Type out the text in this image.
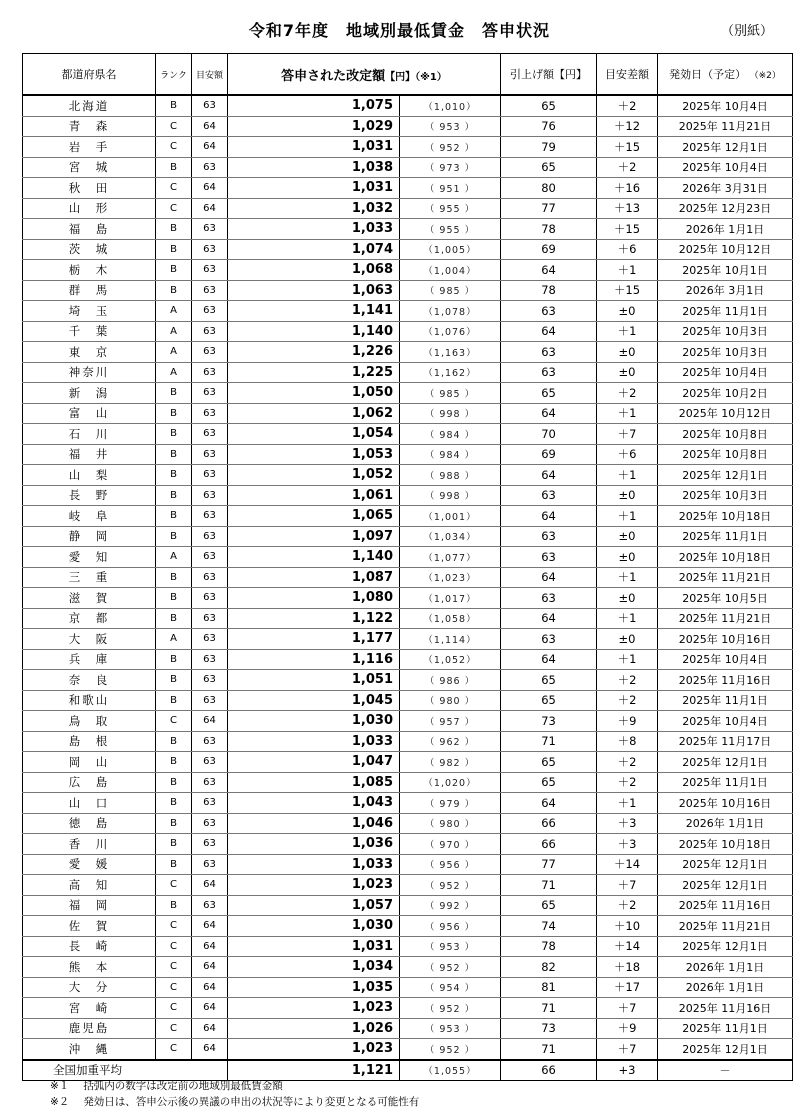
令和7年度　地域別最低賃金　答申状況	（別紙）
都道府県名	ランク	目安額	答申された改定額【円】（※1）		引上げ額【円】	目安差額	発効日（予定） （※2）
北海道	B	63	1,075	（1,010）	65	＋2	2025年 10月4日
青　森	C	64	1,029	（ 953 ）	76	＋12	2025年 11月21日
岩　手	C	64	1,031	（ 952 ）	79	＋15	2025年 12月1日
宮　城	B	63	1,038	（ 973 ）	65	＋2	2025年 10月4日
秋　田	C	64	1,031	（ 951 ）	80	＋16	2026年 3月31日
山　形	C	64	1,032	（ 955 ）	77	＋13	2025年 12月23日
福　島	B	63	1,033	（ 955 ）	78	＋15	2026年 1月1日
茨　城	B	63	1,074	（1,005）	69	＋6	2025年 10月12日
栃　木	B	63	1,068	（1,004）	64	＋1	2025年 10月1日
群　馬	B	63	1,063	（ 985 ）	78	＋15	2026年 3月1日
埼　玉	A	63	1,141	（1,078）	63	±0	2025年 11月1日
千　葉	A	63	1,140	（1,076）	64	＋1	2025年 10月3日
東　京	A	63	1,226	（1,163）	63	±0	2025年 10月3日
神奈川	A	63	1,225	（1,162）	63	±0	2025年 10月4日
新　潟	B	63	1,050	（ 985 ）	65	＋2	2025年 10月2日
富　山	B	63	1,062	（ 998 ）	64	＋1	2025年 10月12日
石　川	B	63	1,054	（ 984 ）	70	＋7	2025年 10月8日
福　井	B	63	1,053	（ 984 ）	69	＋6	2025年 10月8日
山　梨	B	63	1,052	（ 988 ）	64	＋1	2025年 12月1日
長　野	B	63	1,061	（ 998 ）	63	±0	2025年 10月3日
岐　阜	B	63	1,065	（1,001）	64	＋1	2025年 10月18日
静　岡	B	63	1,097	（1,034）	63	±0	2025年 11月1日
愛　知	A	63	1,140	（1,077）	63	±0	2025年 10月18日
三　重	B	63	1,087	（1,023）	64	＋1	2025年 11月21日
滋　賀	B	63	1,080	（1,017）	63	±0	2025年 10月5日
京　都	B	63	1,122	（1,058）	64	＋1	2025年 11月21日
大　阪	A	63	1,177	（1,114）	63	±0	2025年 10月16日
兵　庫	B	63	1,116	（1,052）	64	＋1	2025年 10月4日
奈　良	B	63	1,051	（ 986 ）	65	＋2	2025年 11月16日
和歌山	B	63	1,045	（ 980 ）	65	＋2	2025年 11月1日
鳥　取	C	64	1,030	（ 957 ）	73	＋9	2025年 10月4日
島　根	B	63	1,033	（ 962 ）	71	＋8	2025年 11月17日
岡　山	B	63	1,047	（ 982 ）	65	＋2	2025年 12月1日
広　島	B	63	1,085	（1,020）	65	＋2	2025年 11月1日
山　口	B	63	1,043	（ 979 ）	64	＋1	2025年 10月16日
徳　島	B	63	1,046	（ 980 ）	66	＋3	2026年 1月1日
香　川	B	63	1,036	（ 970 ）	66	＋3	2025年 10月18日
愛　媛	B	63	1,033	（ 956 ）	77	＋14	2025年 12月1日
高　知	C	64	1,023	（ 952 ）	71	＋7	2025年 12月1日
福　岡	B	63	1,057	（ 992 ）	65	＋2	2025年 11月16日
佐　賀	C	64	1,030	（ 956 ）	74	＋10	2025年 11月21日
長　崎	C	64	1,031	（ 953 ）	78	＋14	2025年 12月1日
熊　本	C	64	1,034	（ 952 ）	82	＋18	2026年 1月1日
大　分	C	64	1,035	（ 954 ）	81	＋17	2026年 1月1日
宮　崎	C	64	1,023	（ 952 ）	71	＋7	2025年 11月16日
鹿児島	C	64	1,026	（ 953 ）	73	＋9	2025年 11月1日
沖　縄	C	64	1,023	（ 952 ）	71	＋7	2025年 12月1日
全国加重平均			1,121	（1,055）	66	+3	－
※１ 括弧内の数字は改定前の地域別最低賃金額
※２ 発効日は、答申公示後の異議の申出の状況等により変更となる可能性有
